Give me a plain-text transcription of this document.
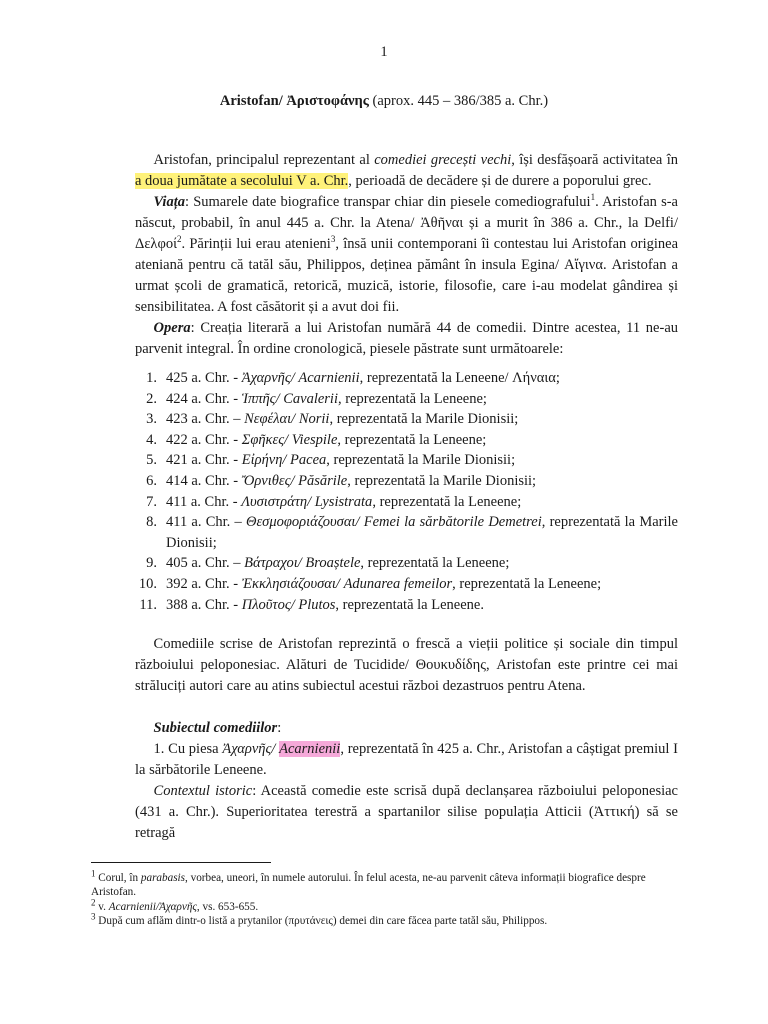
1
Aristofan/ Ἀριστοφάνης (aprox. 445 – 386/385 a. Chr.)

Aristofan, principalul reprezentant al comediei grecești vechi, își desfășoară activitatea în a doua jumătate a secolului V a. Chr., perioadă de decădere și de durere a poporului grec.

Viața: Sumarele date biografice transpar chiar din piesele comediografului$^1$. Aristofan s-a născut, probabil, în anul 445 a. Chr. la Atena/ Ἀθῆναι și a murit în 386 a. Chr., la Delfi/ Δελφοί$^2$. Părinții lui erau atenieni$^3$, însă unii contemporani îi contestau lui Aristofan originea ateniană pentru că tatăl său, Philippos, deținea pământ în insula Egina/ Αἴγινα. Aristofan a urmat școli de gramatică, retorică, muzică, istorie, filosofie, care i-au modelat gândirea și sensibilitatea. A fost căsătorit și a avut doi fii.

Opera: Creația literară a lui Aristofan numără 44 de comedii. Dintre acestea, 11 ne-au parvenit integral. În ordine cronologică, piesele păstrate sunt următoarele:

1. 425 a. Chr. - Ἀχαρνῆς/ Acarnienii, reprezentată la Leneene/ Λήναια;
2. 424 a. Chr. - Ἱππῆς/ Cavalerii, reprezentată la Leneene;
3. 423 a. Chr. – Νεφέλαι/ Norii, reprezentată la Marile Dionisii;
4. 422 a. Chr. - Σφῆκες/ Viespile, reprezentată la Leneene;
5. 421 a. Chr. - Εἰρήνη/ Pacea, reprezentată la Marile Dionisii;
6. 414 a. Chr. - Ὄρνιθες/ Păsările, reprezentată la Marile Dionisii;
7. 411 a. Chr. - Λυσιστράτη/ Lysistrata, reprezentată la Leneene;
8. 411 a. Chr. – Θεσμοφοριάζουσαι/ Femei la sărbătorile Demetrei, reprezentată la Marile Dionisii;
9. 405 a. Chr. – Βάτραχοι/ Broaștele, reprezentată la Leneene;
10. 392 a. Chr. - Ἐκκλησιάζουσαι/ Adunarea femeilor, reprezentată la Leneene;
11. 388 a. Chr. - Πλοῦτος/ Plutos, reprezentată la Leneene.

Comediile scrise de Aristofan reprezintă o frescă a vieții politice și sociale din timpul războiului peloponesiac. Alături de Tucidide/ Θουκυδίδης, Aristofan este printre cei mai străluciți autori care au atins subiectul acestui război dezastruos pentru Atena.

Subiectul comediilor:

1. Cu piesa Ἀχαρνῆς/ Acarnienii, reprezentată în 425 a. Chr., Aristofan a câștigat premiul I la sărbătorile Leneene.

Contextul istoric: Această comedie este scrisă după declanșarea războiului peloponesiac (431 a. Chr.). Superioritatea terestră a spartanilor silise populația Atticii (Ἀττική) să se retragă

$^1$ Corul, în parabasis, vorbea, uneori, în numele autorului. În felul acesta, ne-au parvenit câteva informații biografice despre Aristofan.

$^2$ v. Acarnienii/Ἀχαρνῆς, vs. 653-655.

$^3$ După cum aflăm dintr-o listă a prytanilor (πρυτάνεις) demei din care făcea parte tatăl său, Philippos.
